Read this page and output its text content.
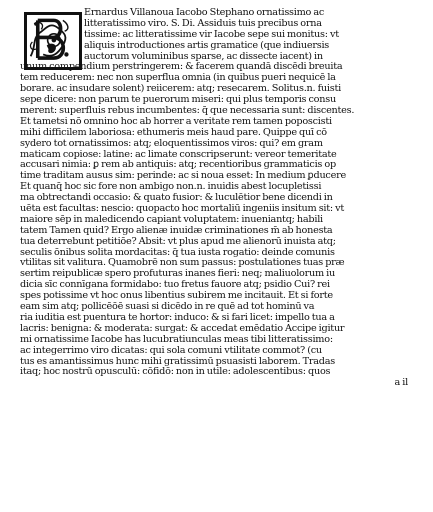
Ernardus Villanoua Iacobo Stephano ornatissimo ac
litteratissimo viro. S. Di. Assiduis tuis precibus orna
tissime: ac litteratissime vir Iacobe sepe sui monitus: vt
aliquis introductiones artis gramatice (que indiuersis
auctorum voluminibus sparse, ac dissecte iacent) in
unum compendium perstringerem: & facerem quandā discēdi breuita
tem reducerem: nec non superflua omnia (in quibus pueri nequicē la
borare. ac insudare solent) reiicerem: atq; resecarem. Solitus.n. fuisti
sepe dicere: non parum te puerorum miseri: qui plus temporis consu
merent: superfluis rebus incumbentes: q̄ que necessaria sunt: discentes.
Et tametsi nō omnino hoc ab horrer a veritate rem tamen poposcisti
mihi difficilem laboriosa: ethumeris meis haud pare. Quippe quī cō
sydero tot ornatissimos: atq; eloquentissimos viros: qui? em gram
maticam copiose: latine: ac limate conscripserunt: vereor temeritate
accusari nimia: ꝑ rem ab antiquis: atq; recentioribus grammaticis op
time traditam ausus sim: perinde: ac si noua esset: In medium ꝑducere
Et quanq̄ hoc sic fore non ambigo non.n. inuidis abest locupletissi
ma obtrectandi occasio: & quato fusior: & luculētior bene dicendi in
uēta est facultas: nescio: quopacto hoc mortaliū ingeniis insitum sit: vt
maiore sēp in maledicendo capiant voluptatem: inueniantq; habili
tatem Tamen quid? Ergo alienæ inuidæ criminationes m̄ ab honesta
tua deterrebunt petitiōe? Absit: vt plus apud me alienorū inuista atq;
seculis ōnibus solita mordacitas: q̄ tua iusta rogatio: deinde comunis
vtilitas sit valitura. Quamobrē non sum passus: postulationes tuas præ
sertim reipublicæ spero profuturas inanes fieri: neq; maliuolorum iu
dicia sīc connīgana formidabo: tuo fretus fauore atq; psidio Cui? rei
spes potissime vt hoc onus libentius subirem me incitauit. Et si forte
eam sim atq; pollicēōē suasi si dicēdo in re quē ad tot hominū va
ria iuditia est puentura te hortor: induco: & si fari licet: impello tua a
lacris: benigna: & moderata: surgat: & accedat emēdatio Accipe igitur
mi ornatissime Iacobe has lucubratiunculas meas tibi litteratissimo:
ac integerrimo viro dicatas: qui sola comuni vtilitate commot? (cu
tus es amantissimus hunc mihi gratissimū psuasisti laborem. Tradas
itaq; hoc nostrū opusculū: cōfidō: non in utile: adolescentibus: quos
a il
